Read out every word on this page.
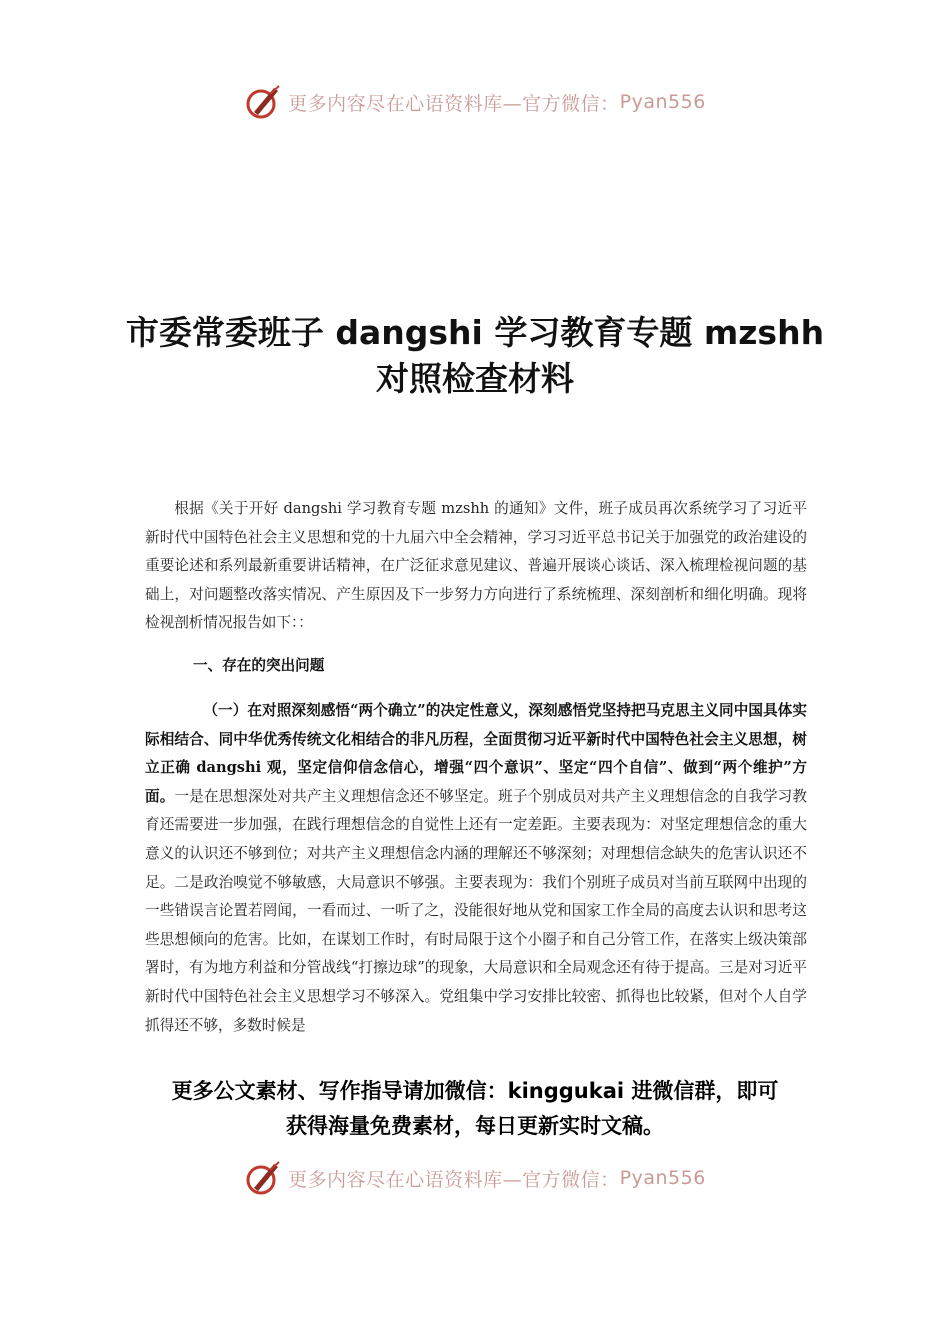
更多内容尽在心语资料库—官方微信： Pyan556
市委常委班子 dangshi 学习教育专题 mzshh
对照检查材料

根据《关于开好 dangshi 学习教育专题 mzshh 的通知》文件，班子成员再次系统学习了习近平新时代中国特色社会主义思想和党的十九届六中全会精神，学习习近平总书记关于加强党的政治建设的重要论述和系列最新重要讲话精神，在广泛征求意见建议、普遍开展谈心谈话、深入梳理检视问题的基础上，对问题整改落实情况、产生原因及下一步努力方向进行了系统梳理、深刻剖析和细化明确。现将检视剖析情况报告如下：：

一、存在的突出问题

（一）在对照深刻感悟“两个确立”的决定性意义，深刻感悟党坚持把马克思主义同中国具体实际相结合、同中华优秀传统文化相结合的非凡历程，全面贯彻习近平新时代中国特色社会主义思想，树立正确 dangshi 观，坚定信仰信念信心，增强“四个意识”、坚定“四个自信”、做到“两个维护”方面。一是在思想深处对共产主义理想信念还不够坚定。班子个别成员对共产主义理想信念的自我学习教育还需要进一步加强，在践行理想信念的自觉性上还有一定差距。主要表现为：对坚定理想信念的重大意义的认识还不够到位；对共产主义理想信念内涵的理解还不够深刻；对理想信念缺失的危害认识还不足。二是政治嗅觉不够敏感，大局意识不够强。主要表现为：我们个别班子成员对当前互联网中出现的一些错误言论置若罔闻，一看而过、一听了之，没能很好地从党和国家工作全局的高度去认识和思考这些思想倾向的危害。比如，在谋划工作时，有时局限于这个小圈子和自己分管工作，在落实上级决策部署时，有为地方利益和分管战线“打擦边球”的现象，大局意识和全局观念还有待于提高。三是对习近平新时代中国特色社会主义思想学习不够深入。党组集中学习安排比较密、抓得也比较紧，但对个人自学抓得还不够，多数时候是

更多公文素材、写作指导请加微信：kinggukai 进微信群，即可
获得海量免费素材，每日更新实时文稿。
更多内容尽在心语资料库—官方微信： Pyan556
